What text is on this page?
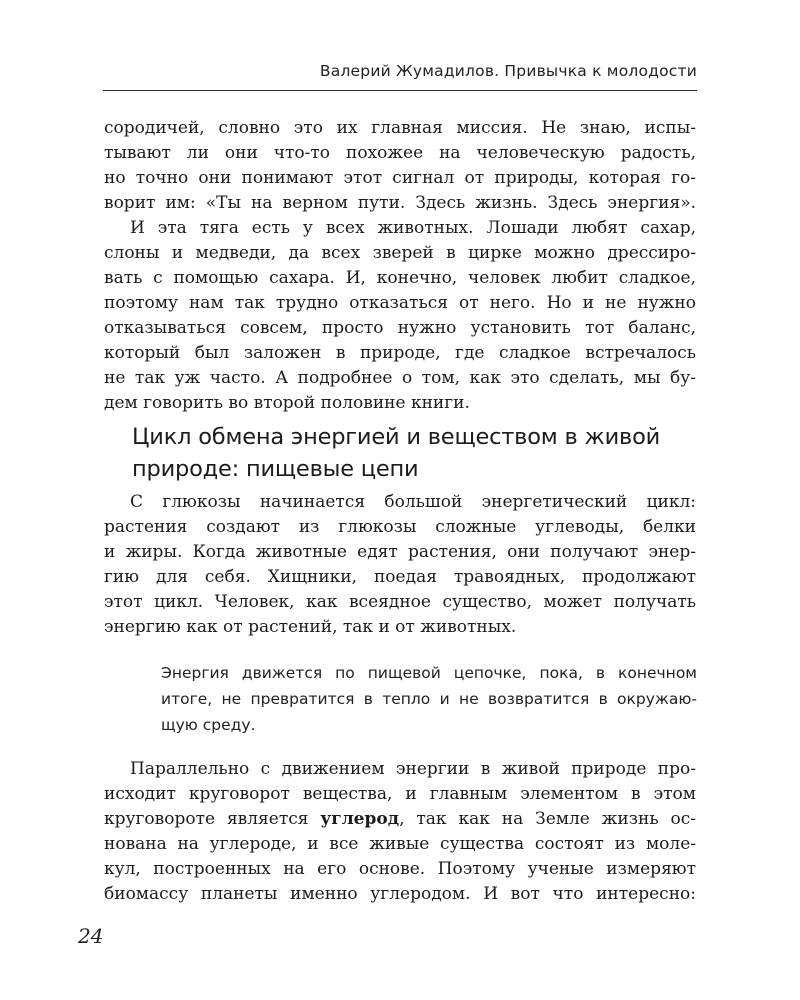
Валерий Жумадилов. Привычка к молодости
сородичей, словно это их главная миссия. Не знаю, испы-
тывают ли они что-то похожее на человеческую радость,
но точно они понимают этот сигнал от природы, которая го-
ворит им: «Ты на верном пути. Здесь жизнь. Здесь энергия».
И эта тяга есть у всех животных. Лошади любят сахар,
слоны и медведи, да всех зверей в цирке можно дрессиро-
вать с помощью сахара. И, конечно, человек любит сладкое,
поэтому нам так трудно отказаться от него. Но и не нужно
отказываться совсем, просто нужно установить тот баланс,
который был заложен в природе, где сладкое встречалось
не так уж часто. А подробнее о том, как это сделать, мы бу-
дем говорить во второй половине книги.
Цикл обмена энергией и веществом в живой
природе: пищевые цепи
С глюкозы начинается большой энергетический цикл:
растения создают из глюкозы сложные углеводы, белки
и жиры. Когда животные едят растения, они получают энер-
гию для себя. Хищники, поедая травоядных, продолжают
этот цикл. Человек, как всеядное существо, может получать
энергию как от растений, так и от животных.
Энергия движется по пищевой цепочке, пока, в конечном
итоге, не превратится в тепло и не возвратится в окружаю-
щую среду.
Параллельно с движением энергии в живой природе про-
исходит круговорот вещества, и главным элементом в этом
круговороте является углерод, так как на Земле жизнь ос-
нована на углероде, и все живые существа состоят из моле-
кул, построенных на его основе. Поэтому ученые измеряют
биомассу планеты именно углеродом. И вот что интересно:
24
